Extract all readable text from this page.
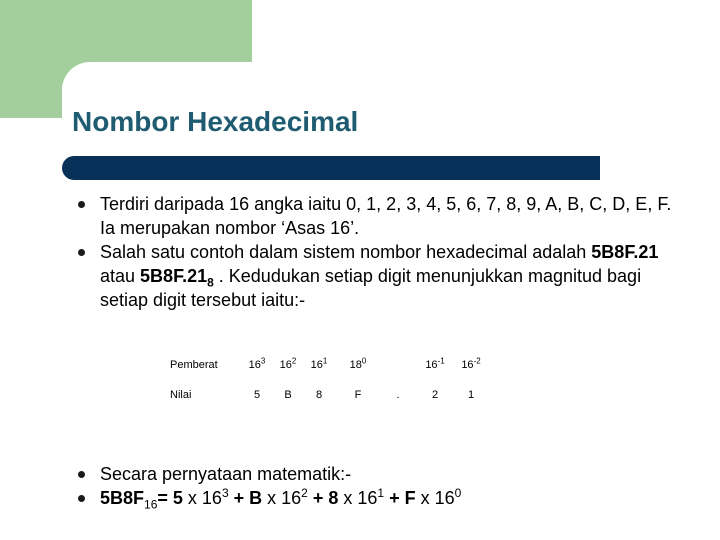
Nombor Hexadecimal
Terdiri daripada 16 angka iaitu 0, 1, 2, 3, 4, 5, 6, 7, 8, 9, A, B, C, D, E, F. Ia merupakan nombor ‘Asas 16’.
Salah satu contoh dalam sistem nombor hexadecimal adalah 5B8F.21 atau $5B8F.21_8$ . Kedudukan setiap digit menunjukkan magnitud bagi setiap digit tersebut iaitu:-
Pemberat	$16^3$	$16^2$	$16^1$	$18^0$		$16^{-1}$	$16^{-2}$
Nilai	5	B	8	F	.	2	1
Secara pernyataan matematik:-
$5B8F_{16}= 5$ x $16^3 + B$ x $16^2 + 8$ x $16^1 + F$ x $16^0$
